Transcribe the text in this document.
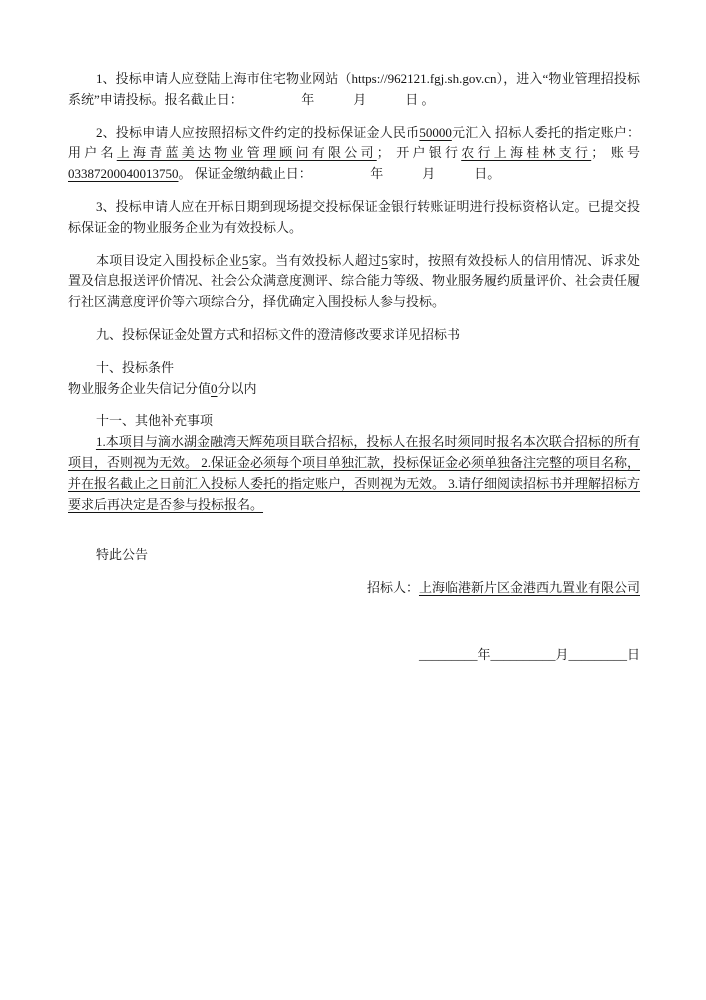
1、投标申请人应登陆上海市住宅物业网站（https://962121.fgj.sh.gov.cn），进入“物业管理招投标系统”申请投标。报名截止日：　　　　　年　　　月　　　日 。

2、投标申请人应按照招标文件约定的投标保证金人民币50000元汇入 招标人委托的指定账户： 用户名上海青蓝美达物业管理顾问有限公司； 开户银行农行上海桂林支行； 账号03387200040013750。 保证金缴纳截止日：　　　　　年　　　月　　　日。

3、投标申请人应在开标日期到现场提交投标保证金银行转账证明进行投标资格认定。已提交投标保证金的物业服务企业为有效投标人。

本项目设定入围投标企业5家。当有效投标人超过5家时，按照有效投标人的信用情况、诉求处置及信息报送评价情况、社会公众满意度测评、综合能力等级、物业服务履约质量评价、社会责任履行社区满意度评价等六项综合分，择优确定入围投标人参与投标。

九、投标保证金处置方式和招标文件的澄清修改要求详见招标书

十、投标条件

物业服务企业失信记分值0分以内

十一、其他补充事项

1.本项目与滴水湖金融湾天辉苑项目联合招标，投标人在报名时须同时报名本次联合招标的所有项目，否则视为无效。 2.保证金必须每个项目单独汇款，投标保证金必须单独备注完整的项目名称，并在报名截止之日前汇入投标人委托的指定账户，否则视为无效。 3.请仔细阅读招标书并理解招标方要求后再决定是否参与投标报名。

特此公告

招标人：上海临港新片区金港西九置业有限公司

_________年__________月_________日
